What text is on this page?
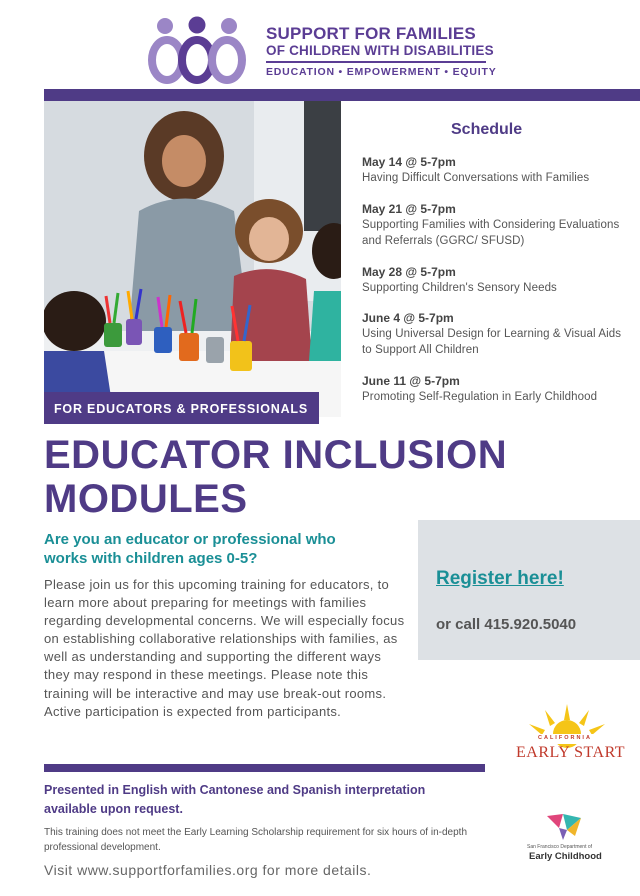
SUPPORT FOR FAMILIES
OF CHILDREN WITH DISABILITIES
EDUCATION • EMPOWERMENT • EQUITY
FOR EDUCATORS & PROFESSIONALS
Schedule
May 14 @ 5-7pm
Having Difficult Conversations with Families
May 21 @ 5-7pm
Supporting Families with Considering Evaluations and Referrals (GGRC/ SFUSD)
May 28 @ 5-7pm
Supporting Children's Sensory Needs
June 4 @ 5-7pm
Using Universal Design for Learning & Visual Aids to Support All Children
June 11 @ 5-7pm
Promoting Self-Regulation in Early Childhood
EDUCATOR INCLUSION MODULES
Are you an educator or professional who works with children ages 0-5?

Please join us for this upcoming training for educators, to learn more about preparing for meetings with families regarding developmental concerns. We will especially focus on establishing collaborative relationships with families, as well as understanding and supporting the different ways they may respond in these meetings. Please note this training will be interactive and may use break-out rooms. Active participation is expected from participants.

Register here!
or call 415.920.5040
CALIFORNIA
EARLY START
San Francisco Department of
Early Childhood
Presented in English with Cantonese and Spanish interpretation available upon request.
This training does not meet the Early Learning Scholarship requirement for six hours of in-depth professional development.
Visit www.supportforfamilies.org for more details.
